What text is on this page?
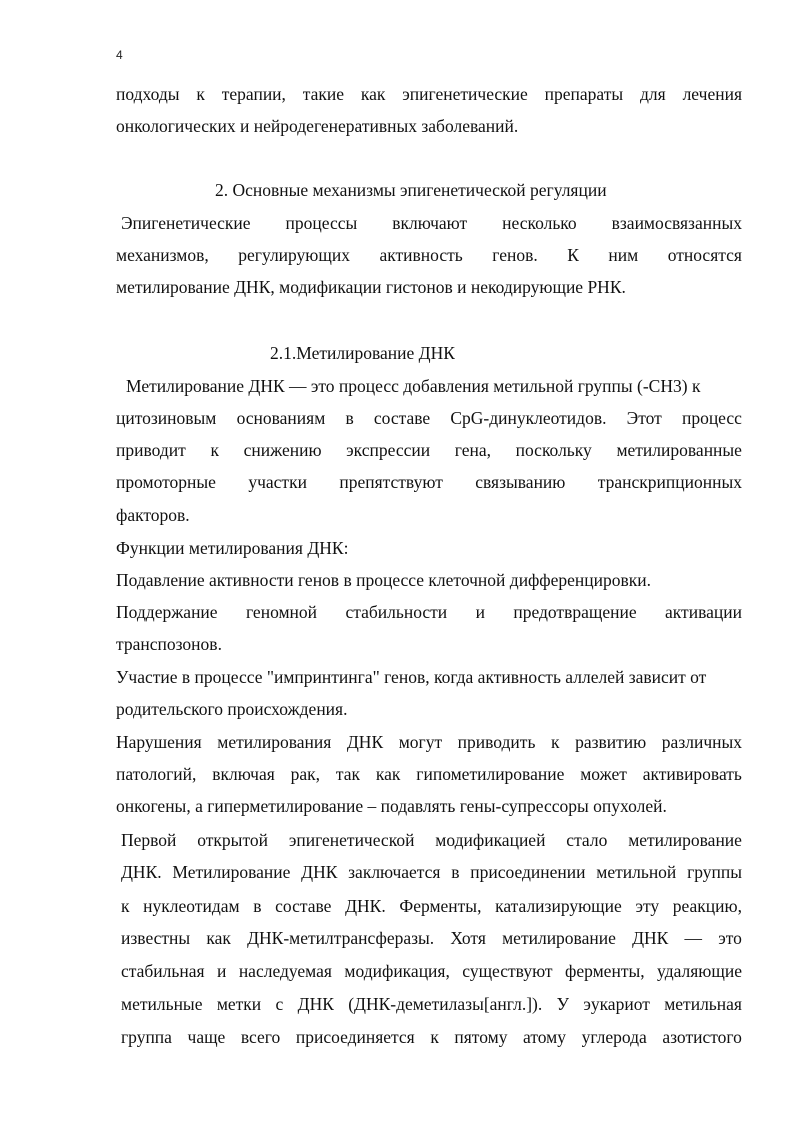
4
подходы к терапии, такие как эпигенетические препараты для лечения
онкологических и нейродегенеративных заболеваний.
2. Основные механизмы эпигенетической регуляции
Эпигенетические процессы включают несколько взаимосвязанных
механизмов, регулирующих активность генов. К ним относятся
метилирование ДНК, модификации гистонов и некодирующие РНК.
2.1.Метилирование ДНК
Метилирование ДНК — это процесс добавления метильной группы (-CH3) к
цитозиновым основаниям в составе CpG-динуклеотидов. Этот процесс
приводит к снижению экспрессии гена, поскольку метилированные
промоторные участки препятствуют связыванию транскрипционных
факторов.
Функции метилирования ДНК:
Подавление активности генов в процессе клеточной дифференцировки.
Поддержание геномной стабильности и предотвращение активации
транспозонов.
Участие в процессе "импринтинга" генов, когда активность аллелей зависит от
родительского происхождения.
Нарушения метилирования ДНК могут приводить к развитию различных
патологий, включая рак, так как гипометилирование может активировать
онкогены, а гиперметилирование – подавлять гены-супрессоры опухолей.
Первой открытой эпигенетической модификацией стало метилирование
ДНК. Метилирование ДНК заключается в присоединении метильной группы
к нуклеотидам в составе ДНК. Ферменты, катализирующие эту реакцию,
известны как ДНК-метилтрансферазы. Хотя метилирование ДНК — это
стабильная и наследуемая модификация, существуют ферменты, удаляющие
метильные метки с ДНК (ДНК-деметилазы[англ.]). У эукариот метильная
группа чаще всего присоединяется к пятому атому углерода азотистого
